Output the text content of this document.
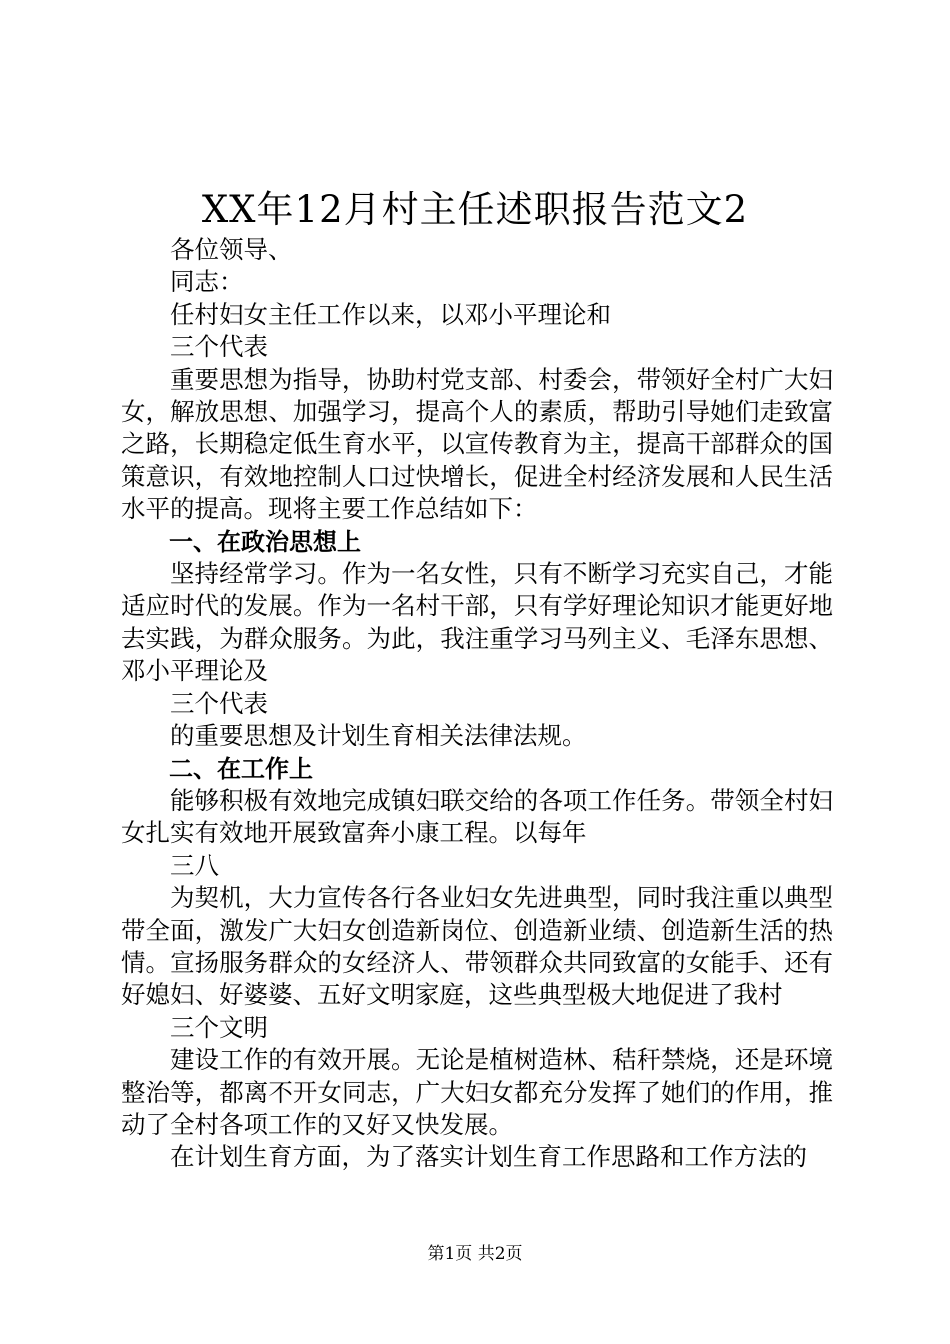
XX年12月村主任述职报告范文2

各位领导、

同志：

任村妇女主任工作以来，以邓小平理论和

三个代表

重要思想为指导，协助村党支部、村委会，带领好全村广大妇女，解放思想、加强学习，提高个人的素质，帮助引导她们走致富之路，长期稳定低生育水平，以宣传教育为主，提高干部群众的国策意识，有效地控制人口过快增长，促进全村经济发展和人民生活水平的提高。现将主要工作总结如下：

一、在政治思想上

坚持经常学习。作为一名女性，只有不断学习充实自己，才能适应时代的发展。作为一名村干部，只有学好理论知识才能更好地去实践，为群众服务。为此，我注重学习马列主义、毛泽东思想、邓小平理论及

三个代表

的重要思想及计划生育相关法律法规。

二、在工作上

能够积极有效地完成镇妇联交给的各项工作任务。带领全村妇女扎实有效地开展致富奔小康工程。以每年

三八

为契机，大力宣传各行各业妇女先进典型，同时我注重以典型带全面，激发广大妇女创造新岗位、创造新业绩、创造新生活的热情。宣扬服务群众的女经济人、带领群众共同致富的女能手、还有好媳妇、好婆婆、五好文明家庭，这些典型极大地促进了我村

三个文明

建设工作的有效开展。无论是植树造林、秸秆禁烧，还是环境整治等，都离不开女同志，广大妇女都充分发挥了她们的作用，推动了全村各项工作的又好又快发展。

在计划生育方面，为了落实计划生育工作思路和工作方法的

第1页 共2页
